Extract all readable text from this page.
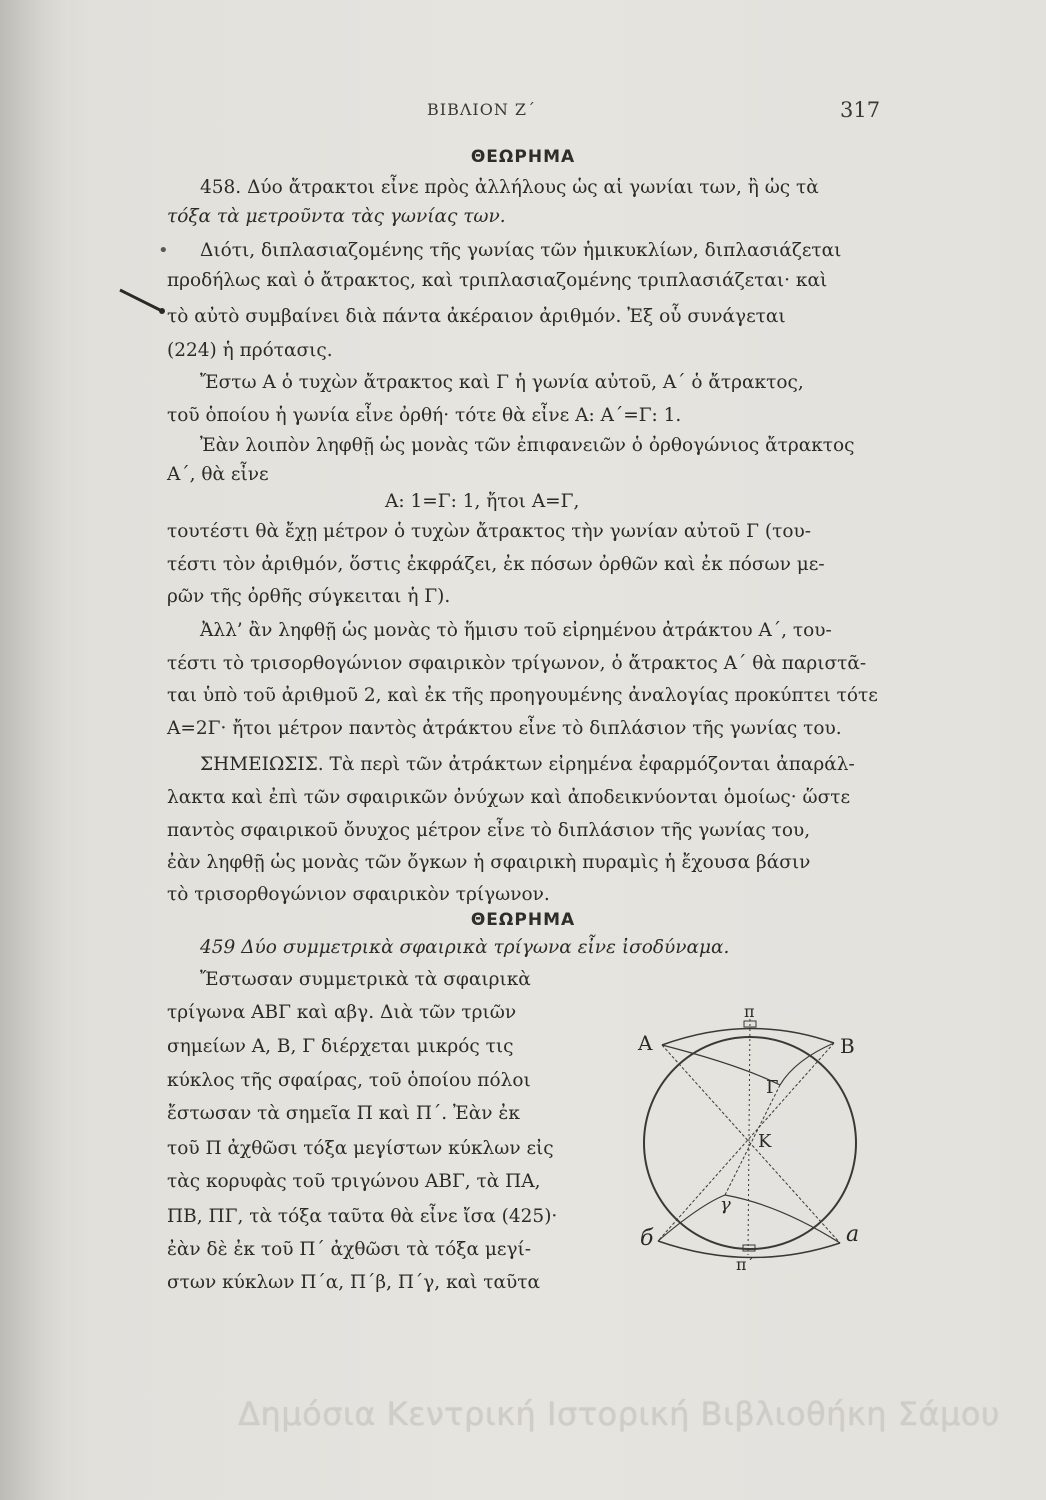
ΒΙΒΛΙΟΝ Ζ΄	317
ΘΕΩΡΗΜΑ
458. Δύο ἄτρακτοι εἶνε πρὸς ἀλλήλους ὡς αἱ γωνίαι των, ἢ ὡς τὰ
τόξα τὰ μετροῦντα τὰς γωνίας των.
Διότι, διπλασιαζομένης τῆς γωνίας τῶν ἡμικυκλίων, διπλασιάζεται
προδήλως καὶ ὁ ἄτρακτος, καὶ τριπλασιαζομένης τριπλασιάζεται· καὶ
τὸ αὐτὸ συμβαίνει διὰ πάντα ἀκέραιον ἀριθμόν. Ἐξ οὗ συνάγεται
(224) ἡ πρότασις.
Ἔστω Α ὁ τυχὼν ἄτρακτος καὶ Γ ἡ γωνία αὐτοῦ, Α΄ ὁ ἄτρακτος,
τοῦ ὁποίου ἡ γωνία εἶνε ὀρθή· τότε θὰ εἶνε Α: Α΄=Γ: 1.
Ἐὰν λοιπὸν ληφθῇ ὡς μονὰς τῶν ἐπιφανειῶν ὁ ὀρθογώνιος ἄτρακτος
Α΄, θὰ εἶνε
Α: 1=Γ: 1, ἤτοι Α=Γ,
τουτέστι θὰ ἔχῃ μέτρον ὁ τυχὼν ἄτρακτος τὴν γωνίαν αὐτοῦ Γ (του-
τέστι τὸν ἀριθμόν, ὅστις ἐκφράζει, ἐκ πόσων ὀρθῶν καὶ ἐκ πόσων με-
ρῶν τῆς ὀρθῆς σύγκειται ἡ Γ).
Ἀλλ’ ἂν ληφθῇ ὡς μονὰς τὸ ἥμισυ τοῦ εἰρημένου ἀτράκτου Α΄, του-
τέστι τὸ τρισορθογώνιον σφαιρικὸν τρίγωνον, ὁ ἄτρακτος Α΄ θὰ παριστᾶ-
ται ὑπὸ τοῦ ἀριθμοῦ 2, καὶ ἐκ τῆς προηγουμένης ἀναλογίας προκύπτει τότε
Α=2Γ· ἤτοι μέτρον παντὸς ἀτράκτου εἶνε τὸ διπλάσιον τῆς γωνίας του.
ΣΗΜΕΙΩΣΙΣ. Τὰ περὶ τῶν ἀτράκτων εἰρημένα ἐφαρμόζονται ἀπαράλ-
λακτα καὶ ἐπὶ τῶν σφαιρικῶν ὀνύχων καὶ ἀποδεικνύονται ὁμοίως· ὥστε
παντὸς σφαιρικοῦ ὄνυχος μέτρον εἶνε τὸ διπλάσιον τῆς γωνίας του,
ἐὰν ληφθῇ ὡς μονὰς τῶν ὄγκων ἡ σφαιρικὴ πυραμὶς ἡ ἔχουσα βάσιν
τὸ τρισορθογώνιον σφαιρικὸν τρίγωνον.
ΘΕΩΡΗΜΑ
459 Δύο συμμετρικὰ σφαιρικὰ τρίγωνα εἶνε ἰσοδύναμα.
Ἔστωσαν συμμετρικὰ τὰ σφαιρικὰ
τρίγωνα ΑΒΓ καὶ αβγ. Διὰ τῶν τριῶν
σημείων Α, Β, Γ διέρχεται μικρός τις
κύκλος τῆς σφαίρας, τοῦ ὁποίου πόλοι
ἔστωσαν τὰ σημεῖα Π καὶ Π΄. Ἐὰν ἐκ
τοῦ Π ἀχθῶσι τόξα μεγίστων κύκλων εἰς
τὰς κορυφὰς τοῦ τριγώνου ΑΒΓ, τὰ ΠΑ,
ΠΒ, ΠΓ, τὰ τόξα ταῦτα θὰ εἶνε ἴσα (425)·
ἐὰν δὲ ἐκ τοῦ Π΄ ἀχθῶσι τὰ τόξα μεγί-
στων κύκλων Π΄α, Π΄β, Π΄γ, καὶ ταῦτα
•
A
π
B
Γ
K
γ
б	a
π΄
Δημόσια Κεντρική Ιστορική Βιβλιοθήκη Σάμου
